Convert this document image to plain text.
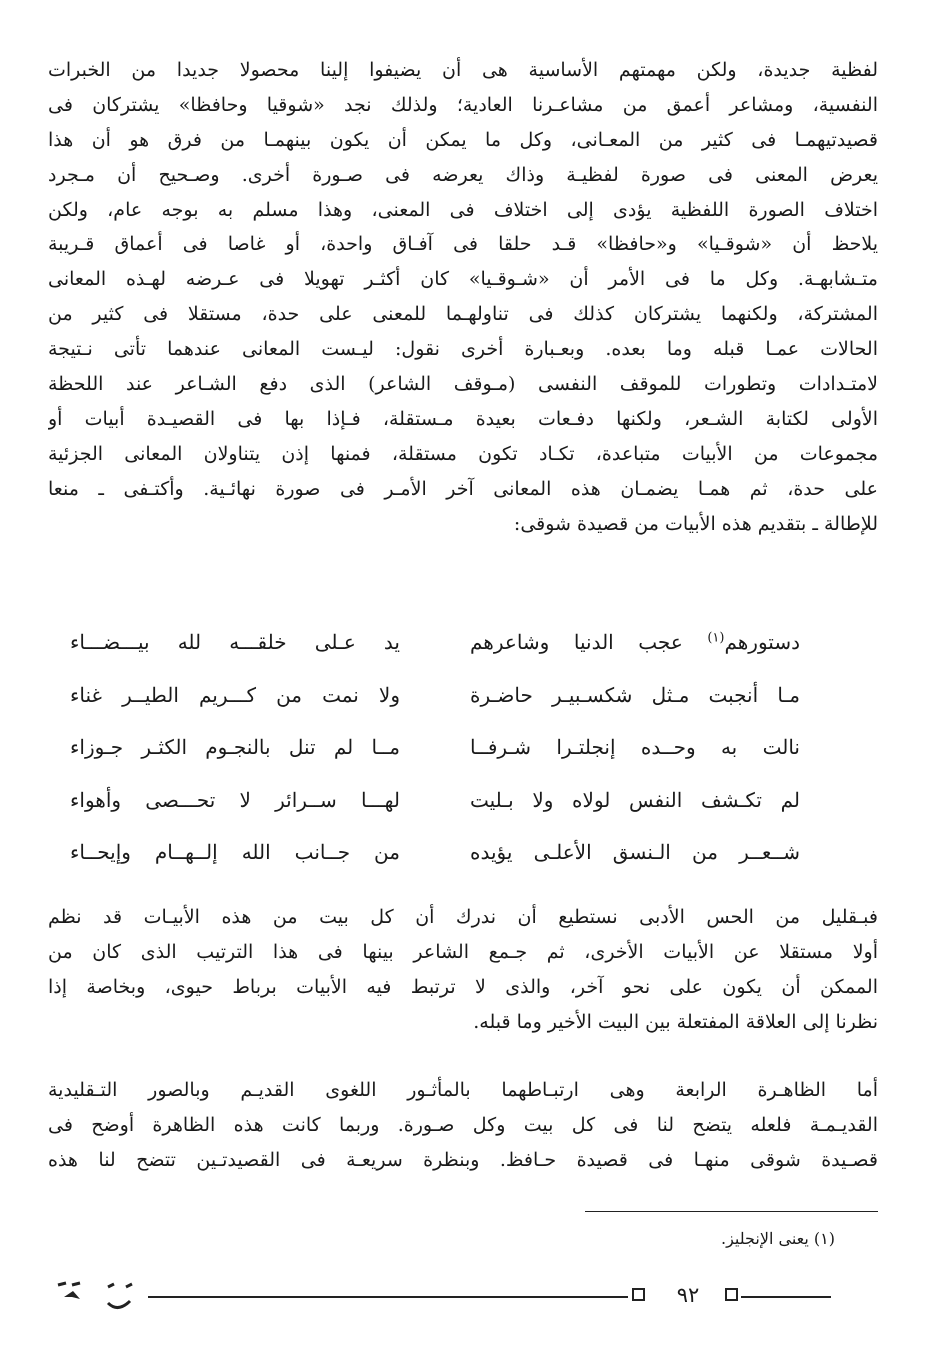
لفظية جديدة، ولكن مهمتهم الأساسية هى أن يضيفوا إلينا محصولا جديدا من الخبرات
النفسية، ومشاعر أعمق من مشاعـرنا العادية؛ ولذلك نجد «شوقيا وحافظا» يشتركان فى
قصيدتيهمـا فى كثير من المعـانى، وكل ما يمكن أن يكون بينهمـا من فرق هو أن هذا
يعرض المعنى فى صورة لفظيـة وذاك يعرضه فى صـورة أخرى. وصـحيح أن مـجرد
اختلاف الصورة اللفظية يؤدى إلى اختلاف فى المعنى، وهذا مسلم به بوجه عام، ولكن
يلاحظ أن «شوقـيا» و«حافظا» قـد حلقا فى آفـاق واحدة، أو غاصا فى أعماق قـريبة
متـشابهـة. وكل ما فى الأمر أن «شـوقـيا» كان أكثـر تهويلا فى عـرضه لهـذه المعانى
المشتركة، ولكنهما يشتركان كذلك فى تناولهـما للمعنى على حدة، مستقلا فى كثير من
الحالات عمـا قبله وما بعده. وبعـبارة أخرى نقول: ليـست المعانى عندهما تأتى نـتيجة
لامتـدادات وتطورات للموقف النفسى (مـوقف الشاعر) الذى دفع الشـاعر عند اللحظة
الأولى لكتابة الشـعر، ولكنها دفـعات بعيدة مـستقلة، فـإذا بها فى القصيـدة أبيات أو
مجموعات من الأبيات متباعدة، تكـاد تكون مستقلة، فمنها إذن يتناولان المعانى الجزئية
على حدة، ثم همـا يضمـان هذه المعانى آخر الأمـر فى صورة نهائـية. وأكتـفى ـ منعا
للإطالة ـ بتقديم هذه الأبيات من قصيدة شوقى:
دستورهم$^{(١)}$ عجب الدنيا وشاعرهم
يد عـلى خلقـــه لله بيـــضـــاء
مـا أنجبت مـثل شكسـبيـر حاضـرة
ولا نمت من كـــريم الطيــر غناء
نالت به وحــده إنجلتـرا شـرفــا
مــا لم تنل بالنجـوم الكثـر جـوزاء
لم تكـشف النفس لولاه ولا بـليت
لهـــا ســرائر لا تحـــصى وأهواء
شــعــر من الـنسق الأعلـى يؤيده
من جــانب الله إلــهــام وإيحــاء
فبـقليل من الحس الأدبى نستطيع أن ندرك أن كل بيت من هذه الأبيـات قد نظم
أولا مستقلا عن الأبيات الأخرى، ثم جـمع الشاعر بينها فى هذا الترتيب الذى كان من
الممكن أن يكون على نحو آخر، والذى لا ترتبط فيه الأبيات برباط حيوى، وبخاصة إذا
نظرنا إلى العلاقة المفتعلة بين البيت الأخير وما قبله.
أما الظاهـرة الرابعة وهى ارتبـاطهما بالمأثـور اللغوى القديـم وبالصور التـقليدية
القديـمـة فلعله يتضح لنا فى كل بيت وكل صـورة. وربما كانت هذه الظاهرة أوضح فى
قصـيدة شوقى منهـا فى قصيدة حـافظ. وبنظرة سريعـة فى القصيدتـين تتضح لنا هذه
(١) يعنى الإنجليز.
٩٢
